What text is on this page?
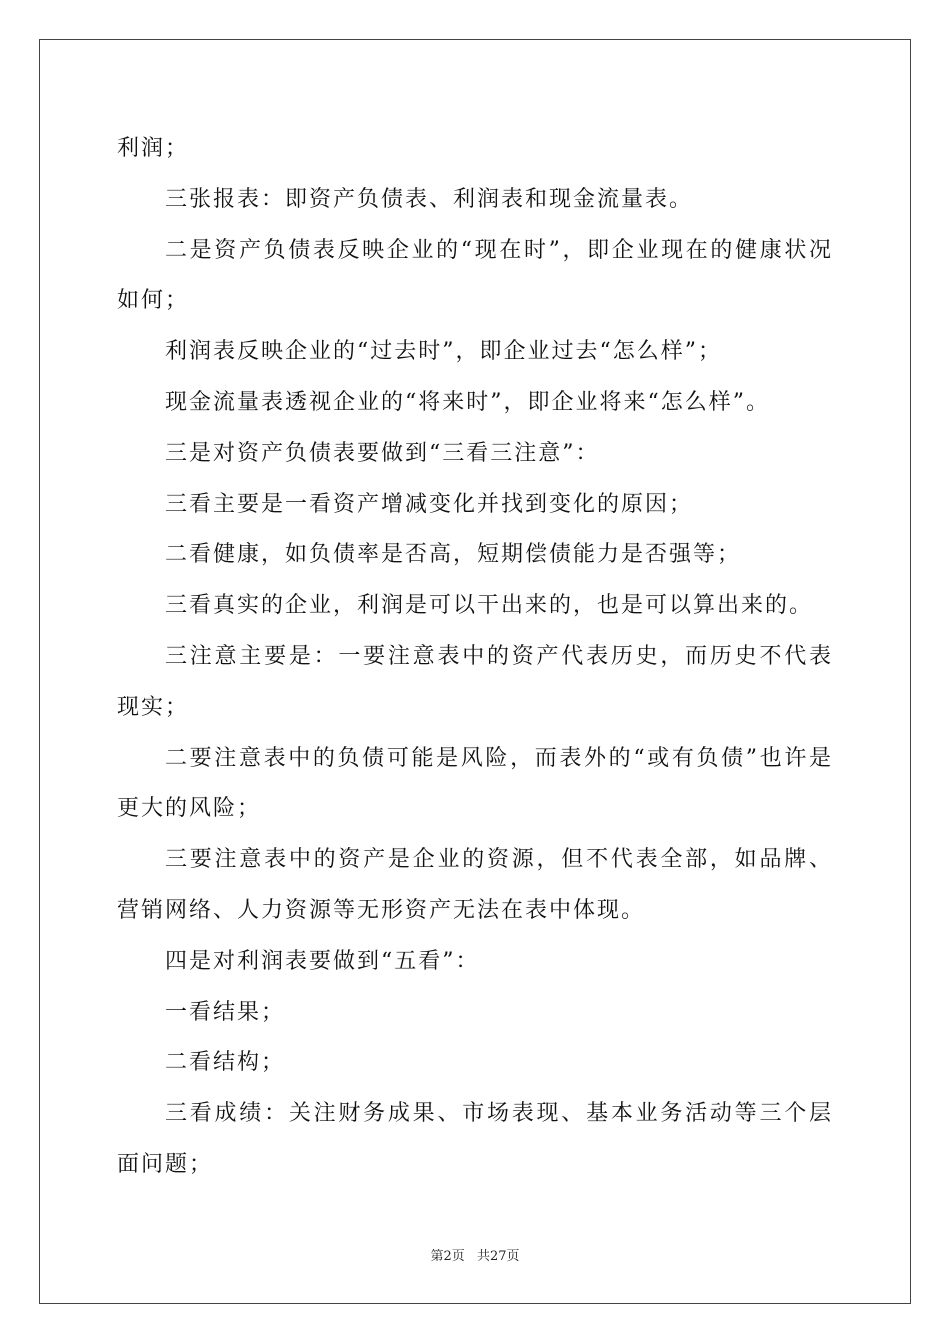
利润；

三张报表：即资产负债表、利润表和现金流量表。

二是资产负债表反映企业的“现在时”，即企业现在的健康状况如何；

利润表反映企业的“过去时”，即企业过去“怎么样”；

现金流量表透视企业的“将来时”，即企业将来“怎么样”。

三是对资产负债表要做到“三看三注意”：

三看主要是一看资产增减变化并找到变化的原因；

二看健康，如负债率是否高，短期偿债能力是否强等；

三看真实的企业，利润是可以干出来的，也是可以算出来的。

三注意主要是：一要注意表中的资产代表历史，而历史不代表现实；

二要注意表中的负债可能是风险，而表外的“或有负债”也许是更大的风险；

三要注意表中的资产是企业的资源，但不代表全部，如品牌、营销网络、人力资源等无形资产无法在表中体现。

四是对利润表要做到“五看”：

一看结果；

二看结构；

三看成绩：关注财务成果、市场表现、基本业务活动等三个层面问题；

第2页 共27页
